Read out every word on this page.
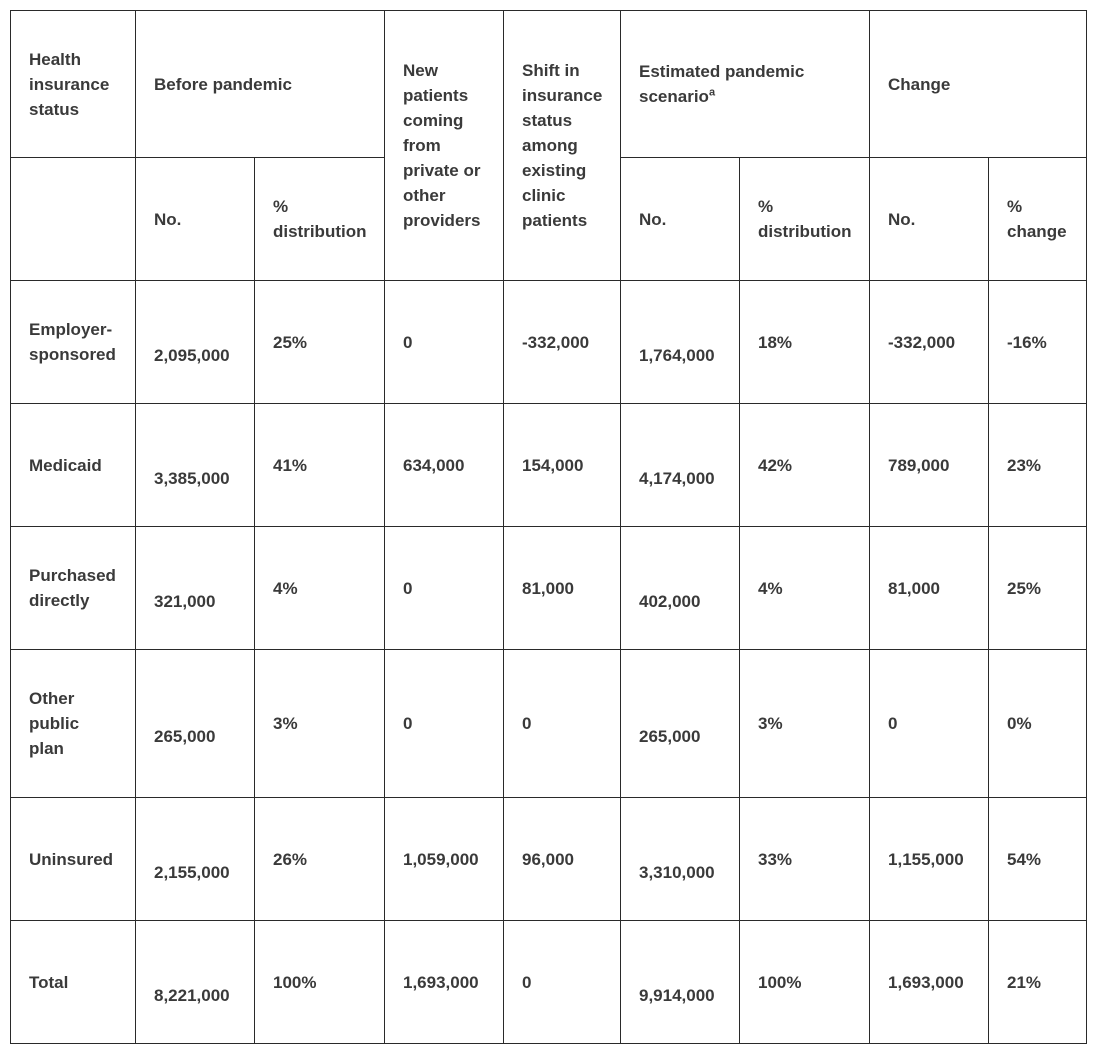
Health insurance status	Before pandemic		New patients coming from private or other providers	Shift in insurance status among existing clinic patients	Estimated pandemic scenario$^a$		Change	
	No.	% distribution			No.	% distribution	No.	% change
Employer-sponsored	2,095,000	25%	0	-332,000	1,764,000	18%	-332,000	-16%
Medicaid	3,385,000	41%	634,000	154,000	4,174,000	42%	789,000	23%
Purchased directly	321,000	4%	0	81,000	402,000	4%	81,000	25%
Other public plan	265,000	3%	0	0	265,000	3%	0	0%
Uninsured	2,155,000	26%	1,059,000	96,000	3,310,000	33%	1,155,000	54%
Total	8,221,000	100%	1,693,000	0	9,914,000	100%	1,693,000	21%
